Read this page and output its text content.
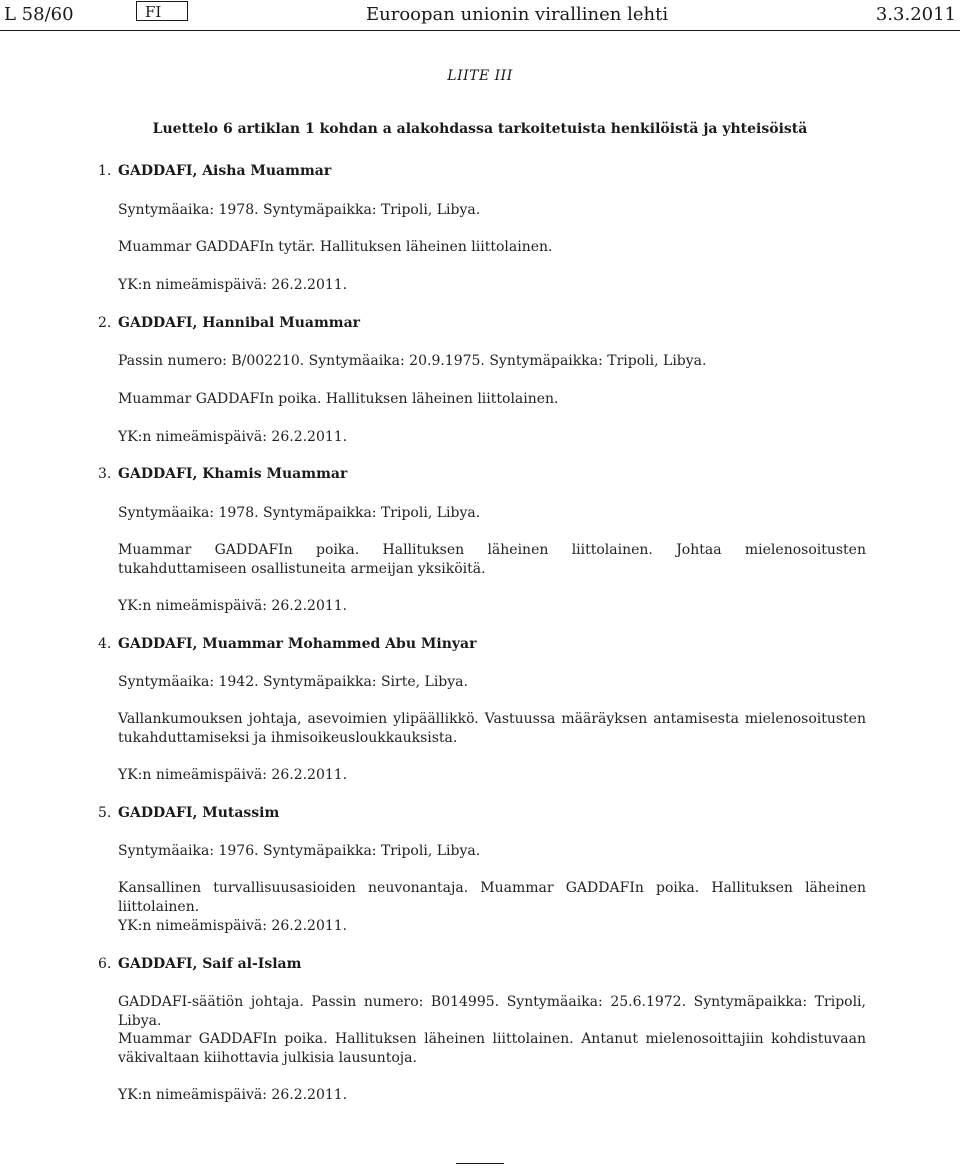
L 58/60	FI	Euroopan unionin virallinen lehti	3.3.2011
LIITE III
Luettelo 6 artiklan 1 kohdan a alakohdassa tarkoitetuista henkilöistä ja yhteisöistä
1. GADDAFI, Aisha Muammar
Syntymäaika: 1978. Syntymäpaikka: Tripoli, Libya.
Muammar GADDAFIn tytär. Hallituksen läheinen liittolainen.
YK:n nimeämispäivä: 26.2.2011.
2. GADDAFI, Hannibal Muammar
Passin numero: B/002210. Syntymäaika: 20.9.1975. Syntymäpaikka: Tripoli, Libya.
Muammar GADDAFIn poika. Hallituksen läheinen liittolainen.
YK:n nimeämispäivä: 26.2.2011.
3. GADDAFI, Khamis Muammar
Syntymäaika: 1978. Syntymäpaikka: Tripoli, Libya.
Muammar GADDAFIn poika. Hallituksen läheinen liittolainen. Johtaa mielenosoitusten tukahduttamiseen osallistuneita armeijan yksiköitä.
YK:n nimeämispäivä: 26.2.2011.
4. GADDAFI, Muammar Mohammed Abu Minyar
Syntymäaika: 1942. Syntymäpaikka: Sirte, Libya.
Vallankumouksen johtaja, asevoimien ylipäällikkö. Vastuussa määräyksen antamisesta mielenosoitusten tukahduttamiseksi ja ihmisoikeusloukkauksista.
YK:n nimeämispäivä: 26.2.2011.
5. GADDAFI, Mutassim
Syntymäaika: 1976. Syntymäpaikka: Tripoli, Libya.
Kansallinen turvallisuusasioiden neuvonantaja. Muammar GADDAFIn poika. Hallituksen läheinen liittolainen.
YK:n nimeämispäivä: 26.2.2011.
6. GADDAFI, Saif al-Islam
GADDAFI-säätiön johtaja. Passin numero: B014995. Syntymäaika: 25.6.1972. Syntymäpaikka: Tripoli, Libya.
Muammar GADDAFIn poika. Hallituksen läheinen liittolainen. Antanut mielenosoittajiin kohdistuvaan väkivaltaan kiihottavia julkisia lausuntoja.
YK:n nimeämispäivä: 26.2.2011.
